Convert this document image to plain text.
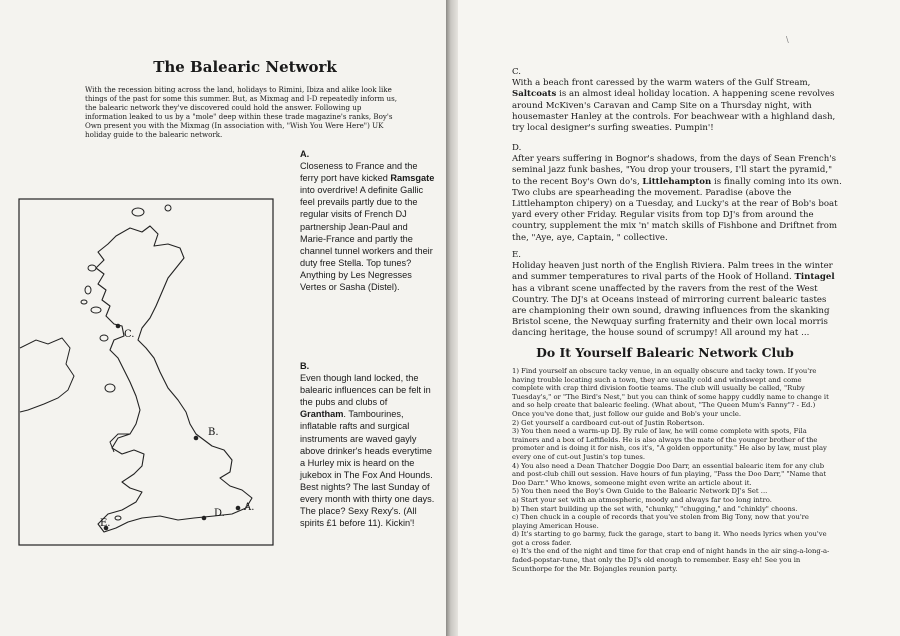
The Balearic Network

With the recession biting across the land, holidays to Rimini, Ibiza and alike look like things of the past for some this summer. But, as Mixmag and I-D repeatedly inform us, the balearic network they've discovered could hold the answer. Following up information leaked to us by a "mole" deep within these trade magazine's ranks, Boy's Own present you with the Mixmag (In association with, "Wish You Were Here") UK holiday guide to the balearic network.

C.
B.
A.
D.
E.

A.

Closeness to France and the ferry port have kicked Ramsgate into overdrive! A definite Gallic feel prevails partly due to the regular visits of French DJ partnership Jean-Paul and Marie-France and partly the channel tunnel workers and their duty free Stella. Top tunes? Anything by Les Negresses Vertes or Sasha (Distel).

B.

Even though land locked, the balearic influences can be felt in the pubs and clubs of Grantham. Tambourines, inflatable rafts and surgical instruments are waved gayly above drinker's heads everytime a Hurley mix is heard on the jukebox in The Fox And Hounds. Best nights? The last Sunday of every month with thirty one days. The place? Sexy Rexy's. (All spirits £1 before 11). Kickin'!

\

C.

With a beach front caressed by the warm waters of the Gulf Stream, Saltcoats is an almost ideal holiday location. A happening scene revolves around McKiven's Caravan and Camp Site on a Thursday night, with housemaster Hanley at the controls. For beachwear with a highland dash, try local designer's surfing sweaties. Pumpin'!

D.

After years suffering in Bognor's shadows, from the days of Sean French's seminal jazz funk bashes, "You drop your trousers, I'll start the pyramid," to the recent Boy's Own do's, Littlehampton is finally coming into its own. Two clubs are spearheading the movement. Paradise (above the Littlehampton chipery) on a Tuesday, and Lucky's at the rear of Bob's boat yard every other Friday. Regular visits from top DJ's from around the country, supplement the mix 'n' match skills of Fishbone and Driftnet from the, "Aye, aye, Captain, " collective.

E.

Holiday heaven just north of the English Riviera. Palm trees in the winter and summer temperatures to rival parts of the Hook of Holland. Tintagel has a vibrant scene unaffected by the ravers from the rest of the West Country. The DJ's at Oceans instead of mirroring current balearic tastes are championing their own sound, drawing influences from the skanking Bristol scene, the Newquay surfing fraternity and their own local morris dancing heritage, the house sound of scrumpy! All around my hat ...

Do It Yourself Balearic Network Club
1) Find yourself an obscure tacky venue, in an equally obscure and tacky town. If you're having trouble locating such a town, they are usually cold and windswept and come complete with crap third division footie teams. The club will usually be called, "Ruby Tuesday's," or "The Bird's Nest," but you can think of some happy cuddly name to change it and so help create that balearic feeling. (What about, "The Queen Mum's Fanny"? - Ed.) Once you've done that, just follow our guide and Bob's your uncle.
2) Get yourself a cardboard cut-out of Justin Robertson.
3) You then need a warm-up DJ. By rule of law, he will come complete with spots, Fila trainers and a box of Leftfields. He is also always the mate of the younger brother of the promoter and is doing it for nish, cos it's, "A golden opportunity." He also by law, must play every one of cut-out Justin's top tunes.
4) You also need a Dean Thatcher Doggie Doo Darr, an essential balearic item for any club and post-club chill out session. Have hours of fun playing, "Pass the Doo Darr," "Name that Doo Darr." Who knows, someone might even write an article about it.
5) You then need the Boy's Own Guide to the Balearic Network DJ's Set ...
a) Start your set with an atmospheric, moody and always far too long intro.
b) Then start building up the set with, "chunky," "chugging," and "chinkly" choons.
c) Then chuck in a couple of records that you've stolen from Big Tony, now that you're playing American House.
d) It's starting to go barmy, fuck the garage, start to bang it. Who needs lyrics when you've got a cross fader.
e) It's the end of the night and time for that crap end of night hands in the air sing-a-long-a-faded-popstar-tune, that only the DJ's old enough to remember. Easy eh! See you in Scunthorpe for the Mr. Bojangles reunion party.
